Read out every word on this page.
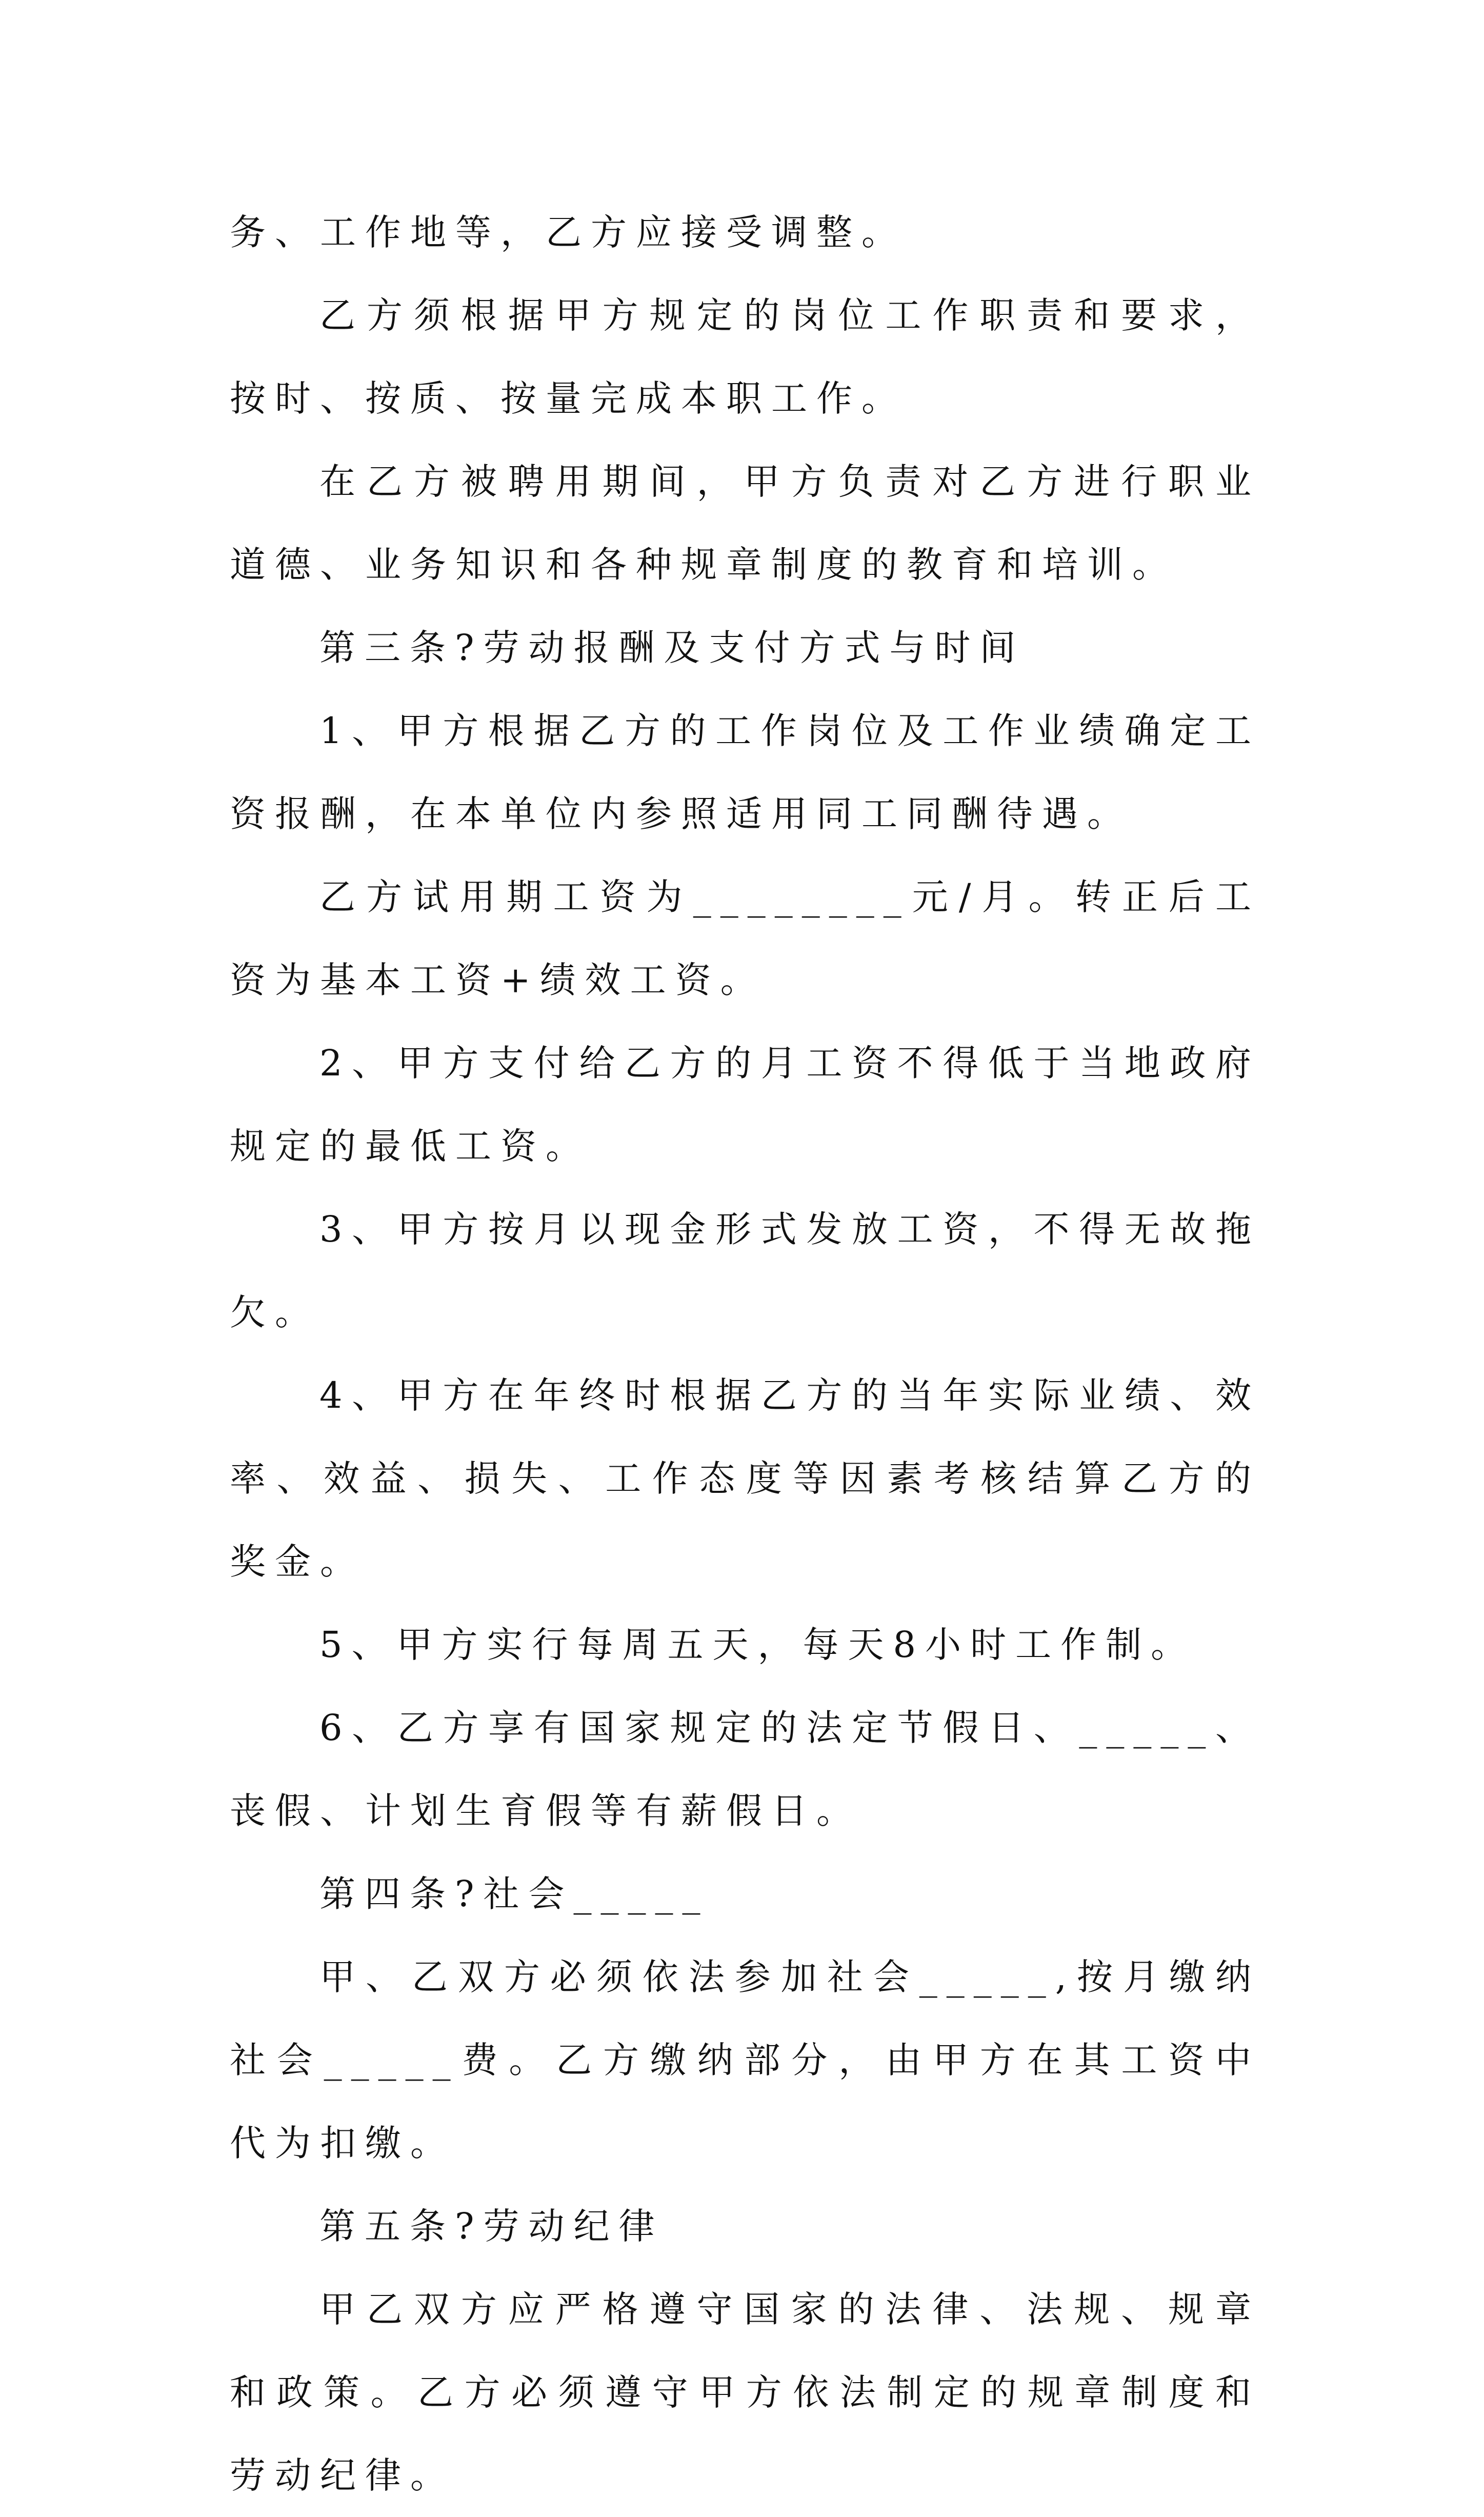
务、工作地等，乙方应接受调整。

乙方须根据甲方规定的岗位工作职责和要求，按时、按质、按量完成本职工作。

在乙方被聘用期间，甲方负责对乙方进行职业道德、业务知识和各种规章制度的教育和培训。

第三条?劳动报酬及支付方式与时间

1、甲方根据乙方的工作岗位及工作业绩确定工资报酬，在本单位内参照适用同工同酬待遇。

乙方试用期工资为________元/月。转正后工资为基本工资+绩效工资。

2、甲方支付给乙方的月工资不得低于当地政府规定的最低工资。

3、甲方按月以现金形式发放工资，不得无故拖欠。

4、甲方在年终时根据乙方的当年实际业绩、效率、效益、损失、工作态度等因素考核结算乙方的奖金。

5、甲方实行每周五天，每天8小时工作制。

6、乙方享有国家规定的法定节假日、_____、丧假、计划生育假等有薪假日。

第四条?社会_____

甲、乙双方必须依法参加社会_____,按月缴纳社会_____费。乙方缴纳部分，由甲方在其工资中代为扣缴。

第五条?劳动纪律

甲乙双方应严格遵守国家的法律、法规、规章和政策。乙方必须遵守甲方依法制定的规章制度和劳动纪律。
